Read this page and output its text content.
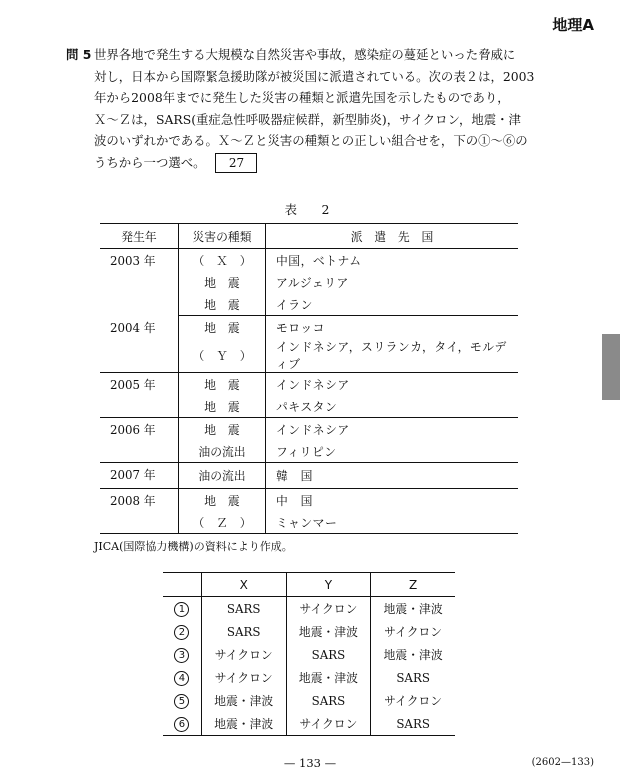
地理A
問 5 世界各地で発生する大規模な自然災害や事故，感染症の蔓延といった脅威に
対し，日本から国際緊急援助隊が被災国に派遣されている。次の表２は，2003
年から2008年までに発生した災害の種類と派遣先国を示したものであり，
Ｘ～Ｚは，SARS(重症急性呼吸器症候群，新型肺炎)，サイクロン，地震・津
波のいずれかである。Ｘ～Ｚと災害の種類との正しい組合せを，下の①～⑥の
うちから一つ選べ。 27
表　2
発生年	災害の種類	派　遣　先　国
2003 年	（　Ｘ　）	中国，ベトナム
	地　震	アルジェリア
	地　震	イラン
2004 年	地　震	モロッコ
	（　Ｙ　）	インドネシア，スリランカ，タイ，モルディブ
2005 年	地　震	インドネシア
	地　震	パキスタン
2006 年	地　震	インドネシア
	油の流出	フィリピン
2007 年	油の流出	韓　国
2008 年	地　震	中　国
	（　Ｚ　）	ミャンマー
JICA(国際協力機構)の資料により作成。
	X	Y	Z
1	SARS	サイクロン	地震・津波
2	SARS	地震・津波	サイクロン
3	サイクロン	SARS	地震・津波
4	サイクロン	地震・津波	SARS
5	地震・津波	SARS	サイクロン
6	地震・津波	サイクロン	SARS
— 133 —	(2602—133)
